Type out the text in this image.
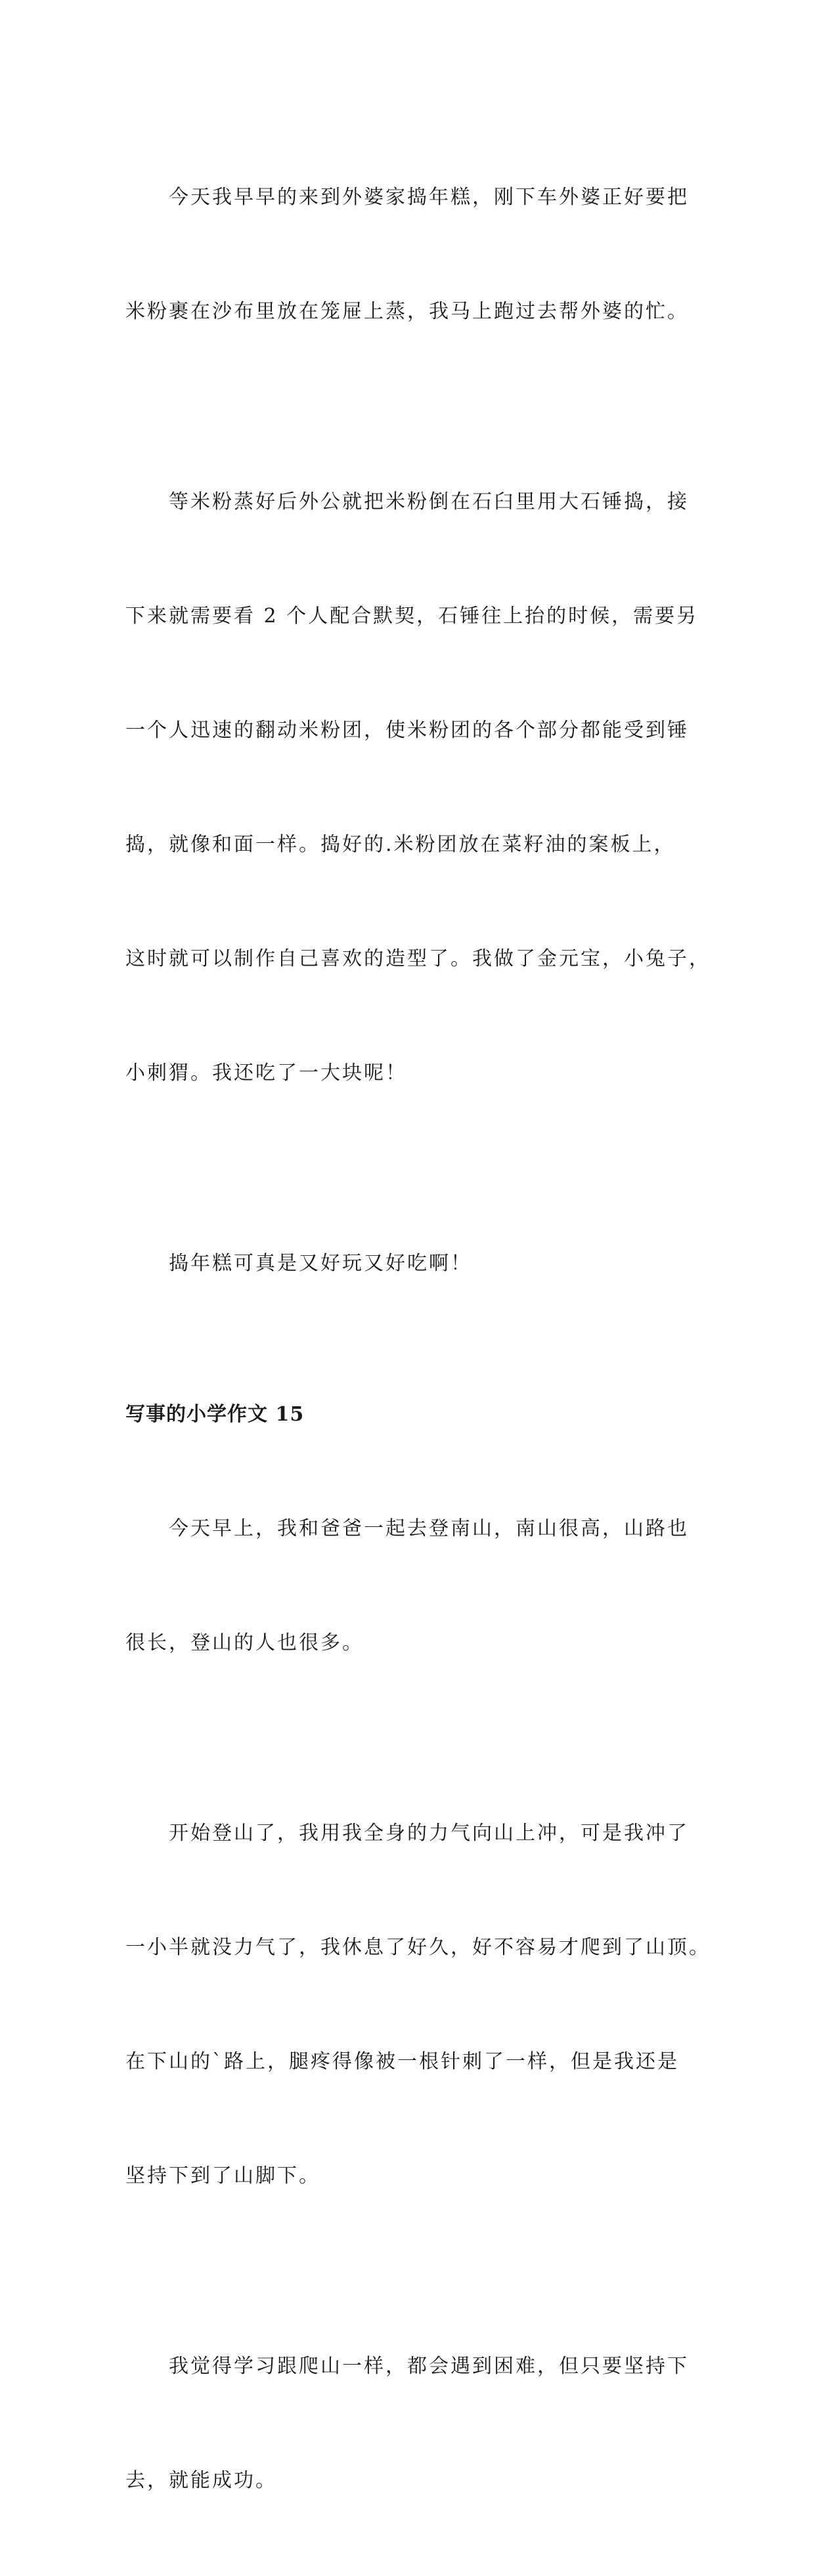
　　今天我早早的来到外婆家捣年糕，刚下车外婆正好要把

米粉裹在沙布里放在笼屉上蒸，我马上跑过去帮外婆的忙。

　　等米粉蒸好后外公就把米粉倒在石臼里用大石锤捣，接

下来就需要看 2 个人配合默契，石锤往上抬的时候，需要另

一个人迅速的翻动米粉团，使米粉团的各个部分都能受到锤

捣，就像和面一样。捣好的.米粉团放在菜籽油的案板上，

这时就可以制作自己喜欢的造型了。我做了金元宝，小兔子，

小刺猬。我还吃了一大块呢！

　　捣年糕可真是又好玩又好吃啊！

写事的小学作文 15

　　今天早上，我和爸爸一起去登南山，南山很高，山路也

很长，登山的人也很多。

　　开始登山了，我用我全身的力气向山上冲，可是我冲了

一小半就没力气了，我休息了好久，好不容易才爬到了山顶。

在下山的`路上，腿疼得像被一根针刺了一样，但是我还是

坚持下到了山脚下。

　　我觉得学习跟爬山一样，都会遇到困难，但只要坚持下

去，就能成功。
